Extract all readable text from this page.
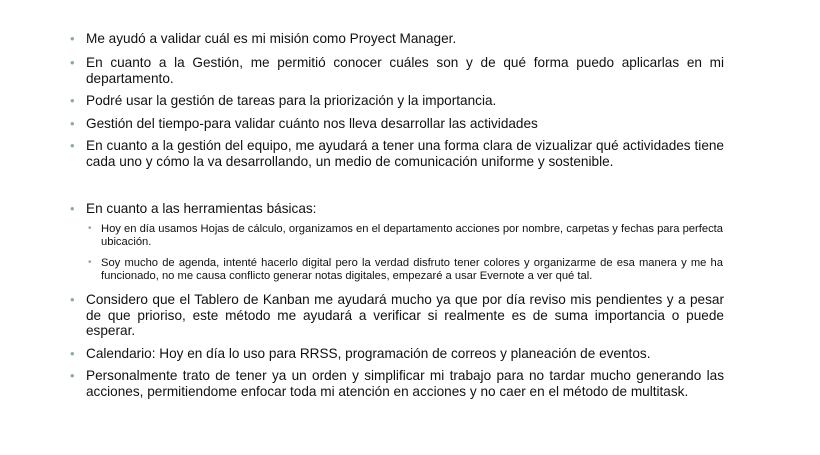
• Me ayudó a validar cuál es mi misión como Proyect Manager.
• En cuanto a la Gestión, me permitió conocer cuáles son y de qué forma puedo aplicarlas en mi departamento.
• Podré usar la gestión de tareas para la priorización y la importancia.
• Gestión del tiempo-para validar cuánto nos lleva desarrollar las actividades
• En cuanto a la gestión del equipo, me ayudará a tener una forma clara de vizualizar qué actividades tiene cada uno y cómo la va desarrollando, un medio de comunicación uniforme y sostenible.
• En cuanto a las herramientas básicas:
• Hoy en día usamos Hojas de cálculo, organizamos en el departamento acciones por nombre, carpetas y fechas para perfecta ubicación.
• Soy mucho de agenda, intenté hacerlo digital pero la verdad disfruto tener colores y organizarme de esa manera y me ha funcionado, no me causa conflicto generar notas digitales, empezaré a usar Evernote a ver qué tal.
• Considero que el Tablero de Kanban me ayudará mucho ya que por día reviso mis pendientes y a pesar de que prioriso, este método me ayudará a verificar si realmente es de suma importancia o puede esperar.
• Calendario: Hoy en día lo uso para RRSS, programación de correos y planeación de eventos.
• Personalmente trato de tener ya un orden y simplificar mi trabajo para no tardar mucho generando las acciones, permitiendome enfocar toda mi atención en acciones y no caer en el método de multitask.
